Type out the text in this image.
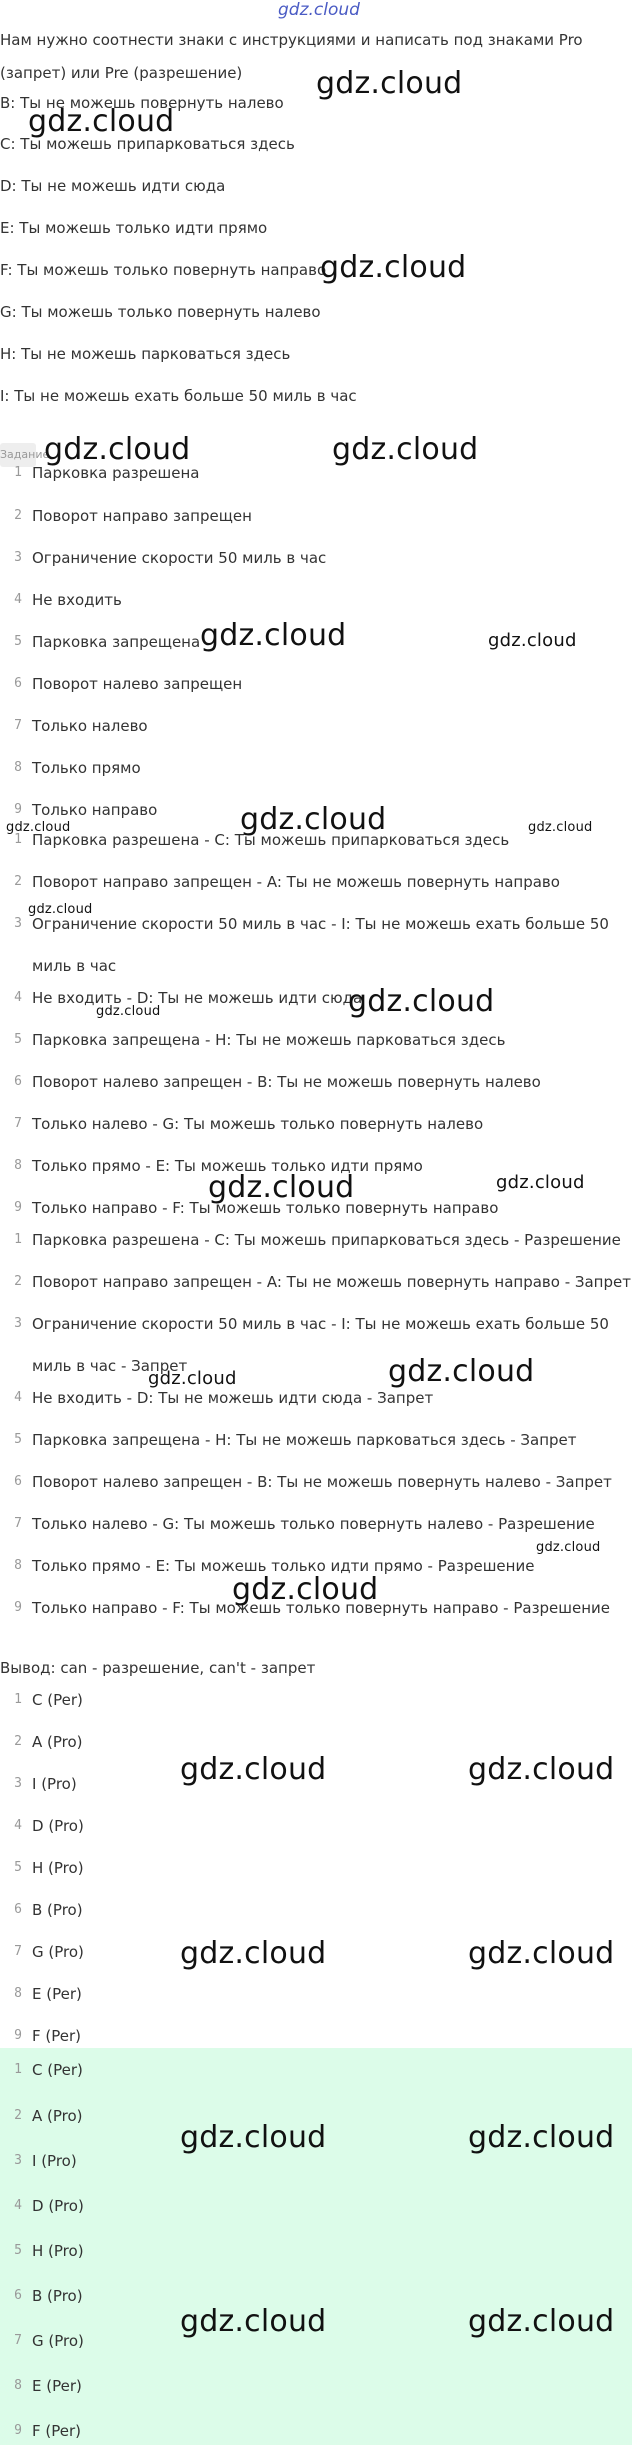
gdz.cloud
Нам нужно соотнести знаки с инструкциями и написать под знаками Pro
(запрет) или Pre (разрешение)
B: Ты не можешь повернуть налево
C: Ты можешь припарковаться здесь
D: Ты не можешь идти сюда
E: Ты можешь только идти прямо
F: Ты можешь только повернуть направо
G: Ты можешь только повернуть налево
H: Ты не можешь парковаться здесь
I: Ты не можешь ехать больше 50 миль в час
Задание
1 Парковка разрешена
2 Поворот направо запрещен
3 Ограничение скорости 50 миль в час
4 Не входить
5 Парковка запрещена
6 Поворот налево запрещен
7 Только налево
8 Только прямо
9 Только направо
1 Парковка разрешена - C: Ты можешь припарковаться здесь
2 Поворот направо запрещен - A: Ты не можешь повернуть направо
3 Ограничение скорости 50 миль в час - I: Ты не можешь ехать больше 50 миль в час
4 Не входить - D: Ты не можешь идти сюда
5 Парковка запрещена - H: Ты не можешь парковаться здесь
6 Поворот налево запрещен - B: Ты не можешь повернуть налево
7 Только налево - G: Ты можешь только повернуть налево
8 Только прямо - E: Ты можешь только идти прямо
9 Только направо - F: Ты можешь только повернуть направо
1 Парковка разрешена - C: Ты можешь припарковаться здесь - Разрешение
2 Поворот направо запрещен - A: Ты не можешь повернуть направо - Запрет
3 Ограничение скорости 50 миль в час - I: Ты не можешь ехать больше 50 миль в час - Запрет
4 Не входить - D: Ты не можешь идти сюда - Запрет
5 Парковка запрещена - H: Ты не можешь парковаться здесь - Запрет
6 Поворот налево запрещен - B: Ты не можешь повернуть налево - Запрет
7 Только налево - G: Ты можешь только повернуть налево - Разрешение
8 Только прямо - E: Ты можешь только идти прямо - Разрешение
9 Только направо - F: Ты можешь только повернуть направо - Разрешение
Вывод: can - разрешение, can't - запрет
1 C (Per)
2 A (Pro)
3 I (Pro)
4 D (Pro)
5 H (Pro)
6 B (Pro)
7 G (Pro)
8 E (Per)
9 F (Per)
1 C (Per)
2 A (Pro)
3 I (Pro)
4 D (Pro)
5 H (Pro)
6 B (Pro)
7 G (Pro)
8 E (Per)
9 F (Per)
gdz.cloud
gdz.cloud
gdz.cloud
gdz.cloud	gdz.cloud
gdz.cloud	gdz.cloud
gdz.cloud
gdz.cloud	gdz.cloud
gdz.cloud
gdz.cloud
gdz.cloud
gdz.cloud	gdz.cloud
gdz.cloud
gdz.cloud
gdz.cloud
gdz.cloud
gdz.cloud	gdz.cloud
gdz.cloud	gdz.cloud
gdz.cloud	gdz.cloud
gdz.cloud	gdz.cloud
